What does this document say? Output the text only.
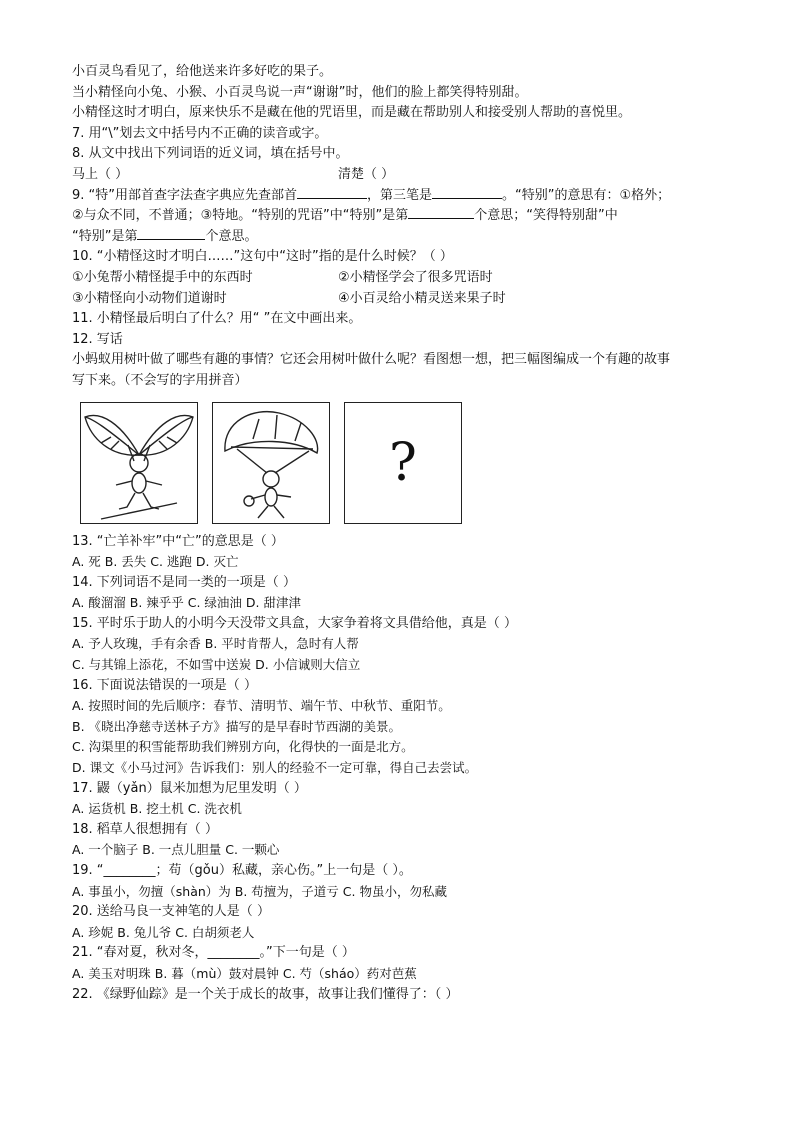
小百灵鸟看见了，给他送来许多好吃的果子。
当小精怪向小兔、小猴、小百灵鸟说一声“谢谢”时，他们的脸上都笑得特别甜。
小精怪这时才明白，原来快乐不是藏在他的咒语里，而是藏在帮助别人和接受别人帮助的喜悦里。
7. 用“\”划去文中括号内不正确的读音或字。
8. 从文中找出下列词语的近义词，填在括号中。
马上（ ）	清楚（ ）
9. “特”用部首查字法查字典应先查部首	，第三笔是	。“特别”的意思有：①格外；
②与众不同，不普通；③特地。“特别的咒语”中“特别”是第	个意思；“笑得特别甜”中
“特别”是第	个意思。
10. “小精怪这时才明白……”这句中“这时”指的是什么时候？（ ）
①小兔帮小精怪提手中的东西时	②小精怪学会了很多咒语时
③小精怪向小动物们道谢时	④小百灵给小精灵送来果子时
11. 小精怪最后明白了什么？用“ ”在文中画出来。
12. 写话
小蚂蚁用树叶做了哪些有趣的事情？它还会用树叶做什么呢？看图想一想，把三幅图编成一个有趣的故事
写下来。（不会写的字用拼音）
?
13. “亡羊补牢”中“亡”的意思是（ ）
A. 死 B. 丢失 C. 逃跑 D. 灭亡
14. 下列词语不是同一类的一项是（ ）
A. 酸溜溜 B. 辣乎乎 C. 绿油油 D. 甜津津
15. 平时乐于助人的小明今天没带文具盒，大家争着将文具借给他，真是（ ）
A. 予人玫瑰，手有余香 B. 平时肯帮人，急时有人帮
C. 与其锦上添花，不如雪中送炭 D. 小信诚则大信立
16. 下面说法错误的一项是（ ）
A. 按照时间的先后顺序：春节、清明节、端午节、中秋节、重阳节。
B. 《晓出净慈寺送林子方》描写的是早春时节西湖的美景。
C. 沟渠里的积雪能帮助我们辨别方向，化得快的一面是北方。
D. 课文《小马过河》告诉我们：别人的经验不一定可靠，得自己去尝试。
17. 鼹（yǎn）鼠米加想为尼里发明（ ）
A. 运货机 B. 挖土机 C. 洗衣机
18. 稻草人很想拥有（ ）
A. 一个脑子 B. 一点儿胆量 C. 一颗心
19. “________；苟（gǒu）私藏，亲心伤。”上一句是（ ）。
A. 事虽小，勿擅（shàn）为 B. 苟擅为，子道亏 C. 物虽小，勿私藏
20. 送给马良一支神笔的人是（ ）
A. 珍妮 B. 兔儿爷 C. 白胡须老人
21. “春对夏，秋对冬，________。”下一句是（ ）
A. 美玉对明珠 B. 暮（mù）鼓对晨钟 C. 芍（sháo）药对芭蕉
22. 《绿野仙踪》是一个关于成长的故事，故事让我们懂得了：（ ）
